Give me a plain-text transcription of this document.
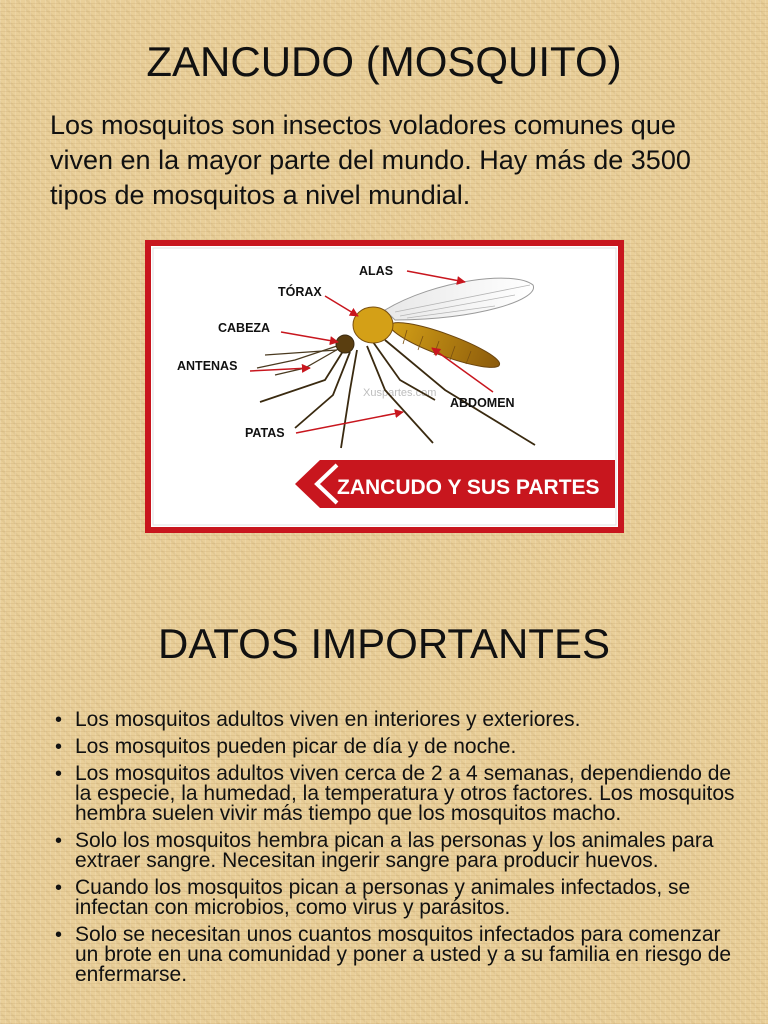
ZANCUDO (MOSQUITO)

Los mosquitos son insectos voladores comunes que viven en la mayor parte del mundo. Hay más de 3500 tipos de mosquitos a nivel mundial.

Xuspartes.com
ALAS
TÓRAX
CABEZA
ANTENAS
ABDOMEN
PATAS
ZANCUDO Y SUS PARTES
DATOS IMPORTANTES
• Los mosquitos adultos viven en interiores y exteriores.
• Los mosquitos pueden picar de día y de noche.
• Los mosquitos adultos viven cerca de 2 a 4 semanas, dependiendo de la especie, la humedad, la temperatura y otros factores. Los mosquitos hembra suelen vivir más tiempo que los mosquitos macho.
• Solo los mosquitos hembra pican a las personas y los animales para extraer sangre. Necesitan ingerir sangre para producir huevos.
• Cuando los mosquitos pican a personas y animales infectados, se infectan con microbios, como virus y parásitos.
• Solo se necesitan unos cuantos mosquitos infectados para comenzar un brote en una comunidad y poner a usted y a su familia en riesgo de enfermarse.
